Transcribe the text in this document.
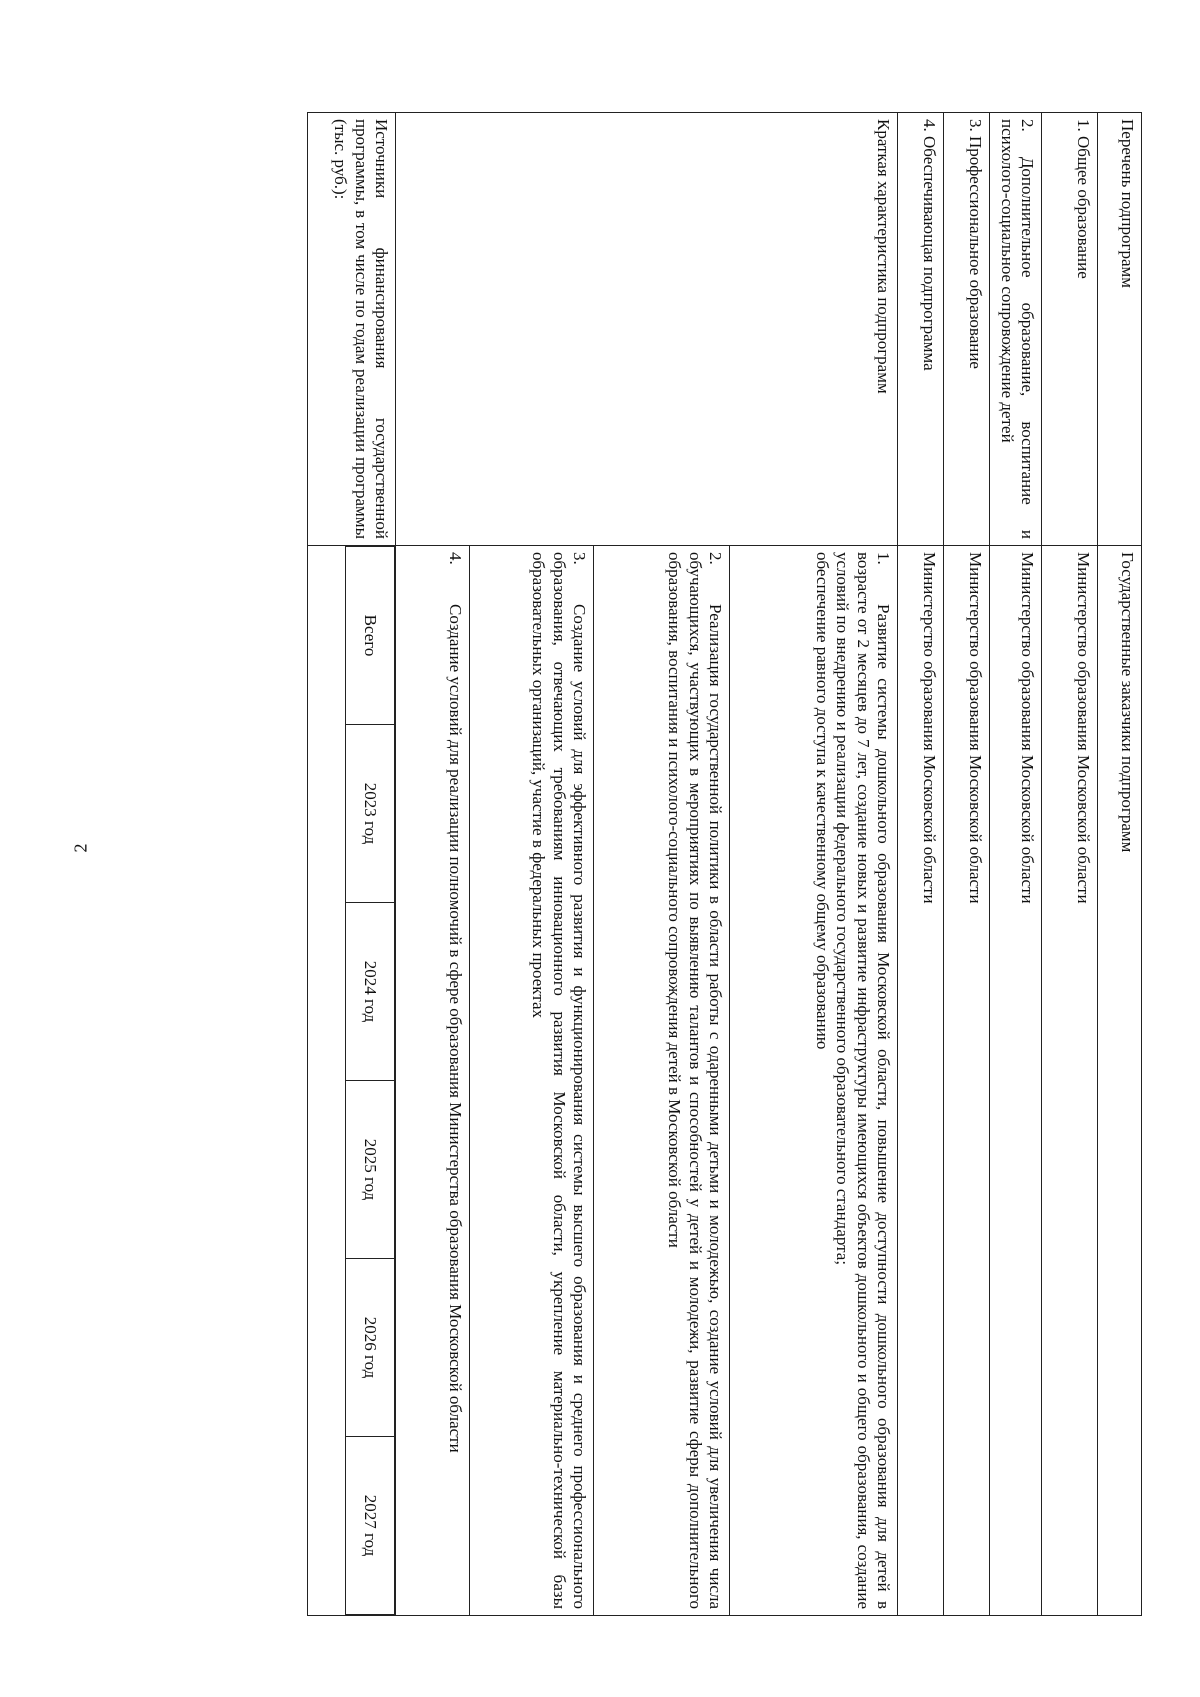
2
Перечень подпрограмм	Государственные заказчики подпрограмм
1. Общее образование	Министерство образования Московской области
2. Дополнительное образование, воспитание и психолого-социальное сопровождение детей	Министерство образования Московской области
3. Профессиональное образование	Министерство образования Московской области
4. Обеспечивающая подпрограмма	Министерство образования Московской области
Краткая характеристика подпрограмм	
1.Развитие системы дошкольного образования Московской области, повышение доступности дошкольного образования для детей в возрасте от 2 месяцев до 7 лет, создание новых и развитие инфраструктуры имеющихся объектов дошкольного и общего образования, создание условий по внедрению и реализации федерального государственного образовательного стандарта;
обеспечение равного доступа к качественному общему образованию

2.Реализация государственной политики в области работы с одаренными детьми и молодежью, создание условий для увеличения числа обучающихся, участвующих в мероприятиях по выявлению талантов и способностей у детей и молодежи, развитие сферы дополнительного образования, воспитания и психолого-социального сопровождения детей в Московской области

3.Создание условий для эффективного развития и функционирования системы высшего образования и среднего профессионального образования, отвечающих требованиям инновационного развития Московской области, укрепление материально-технической базы образовательных организаций, участие в федеральных проектах

4.Создание условий для реализации полномочий в сфере образования Министерства образования Московской области

Источники финансирования государственной программы, в том числе по годам реализации программы (тыс. руб.):	
Всего	2023 год	2024 год	2025 год	2026 год	2027 год
